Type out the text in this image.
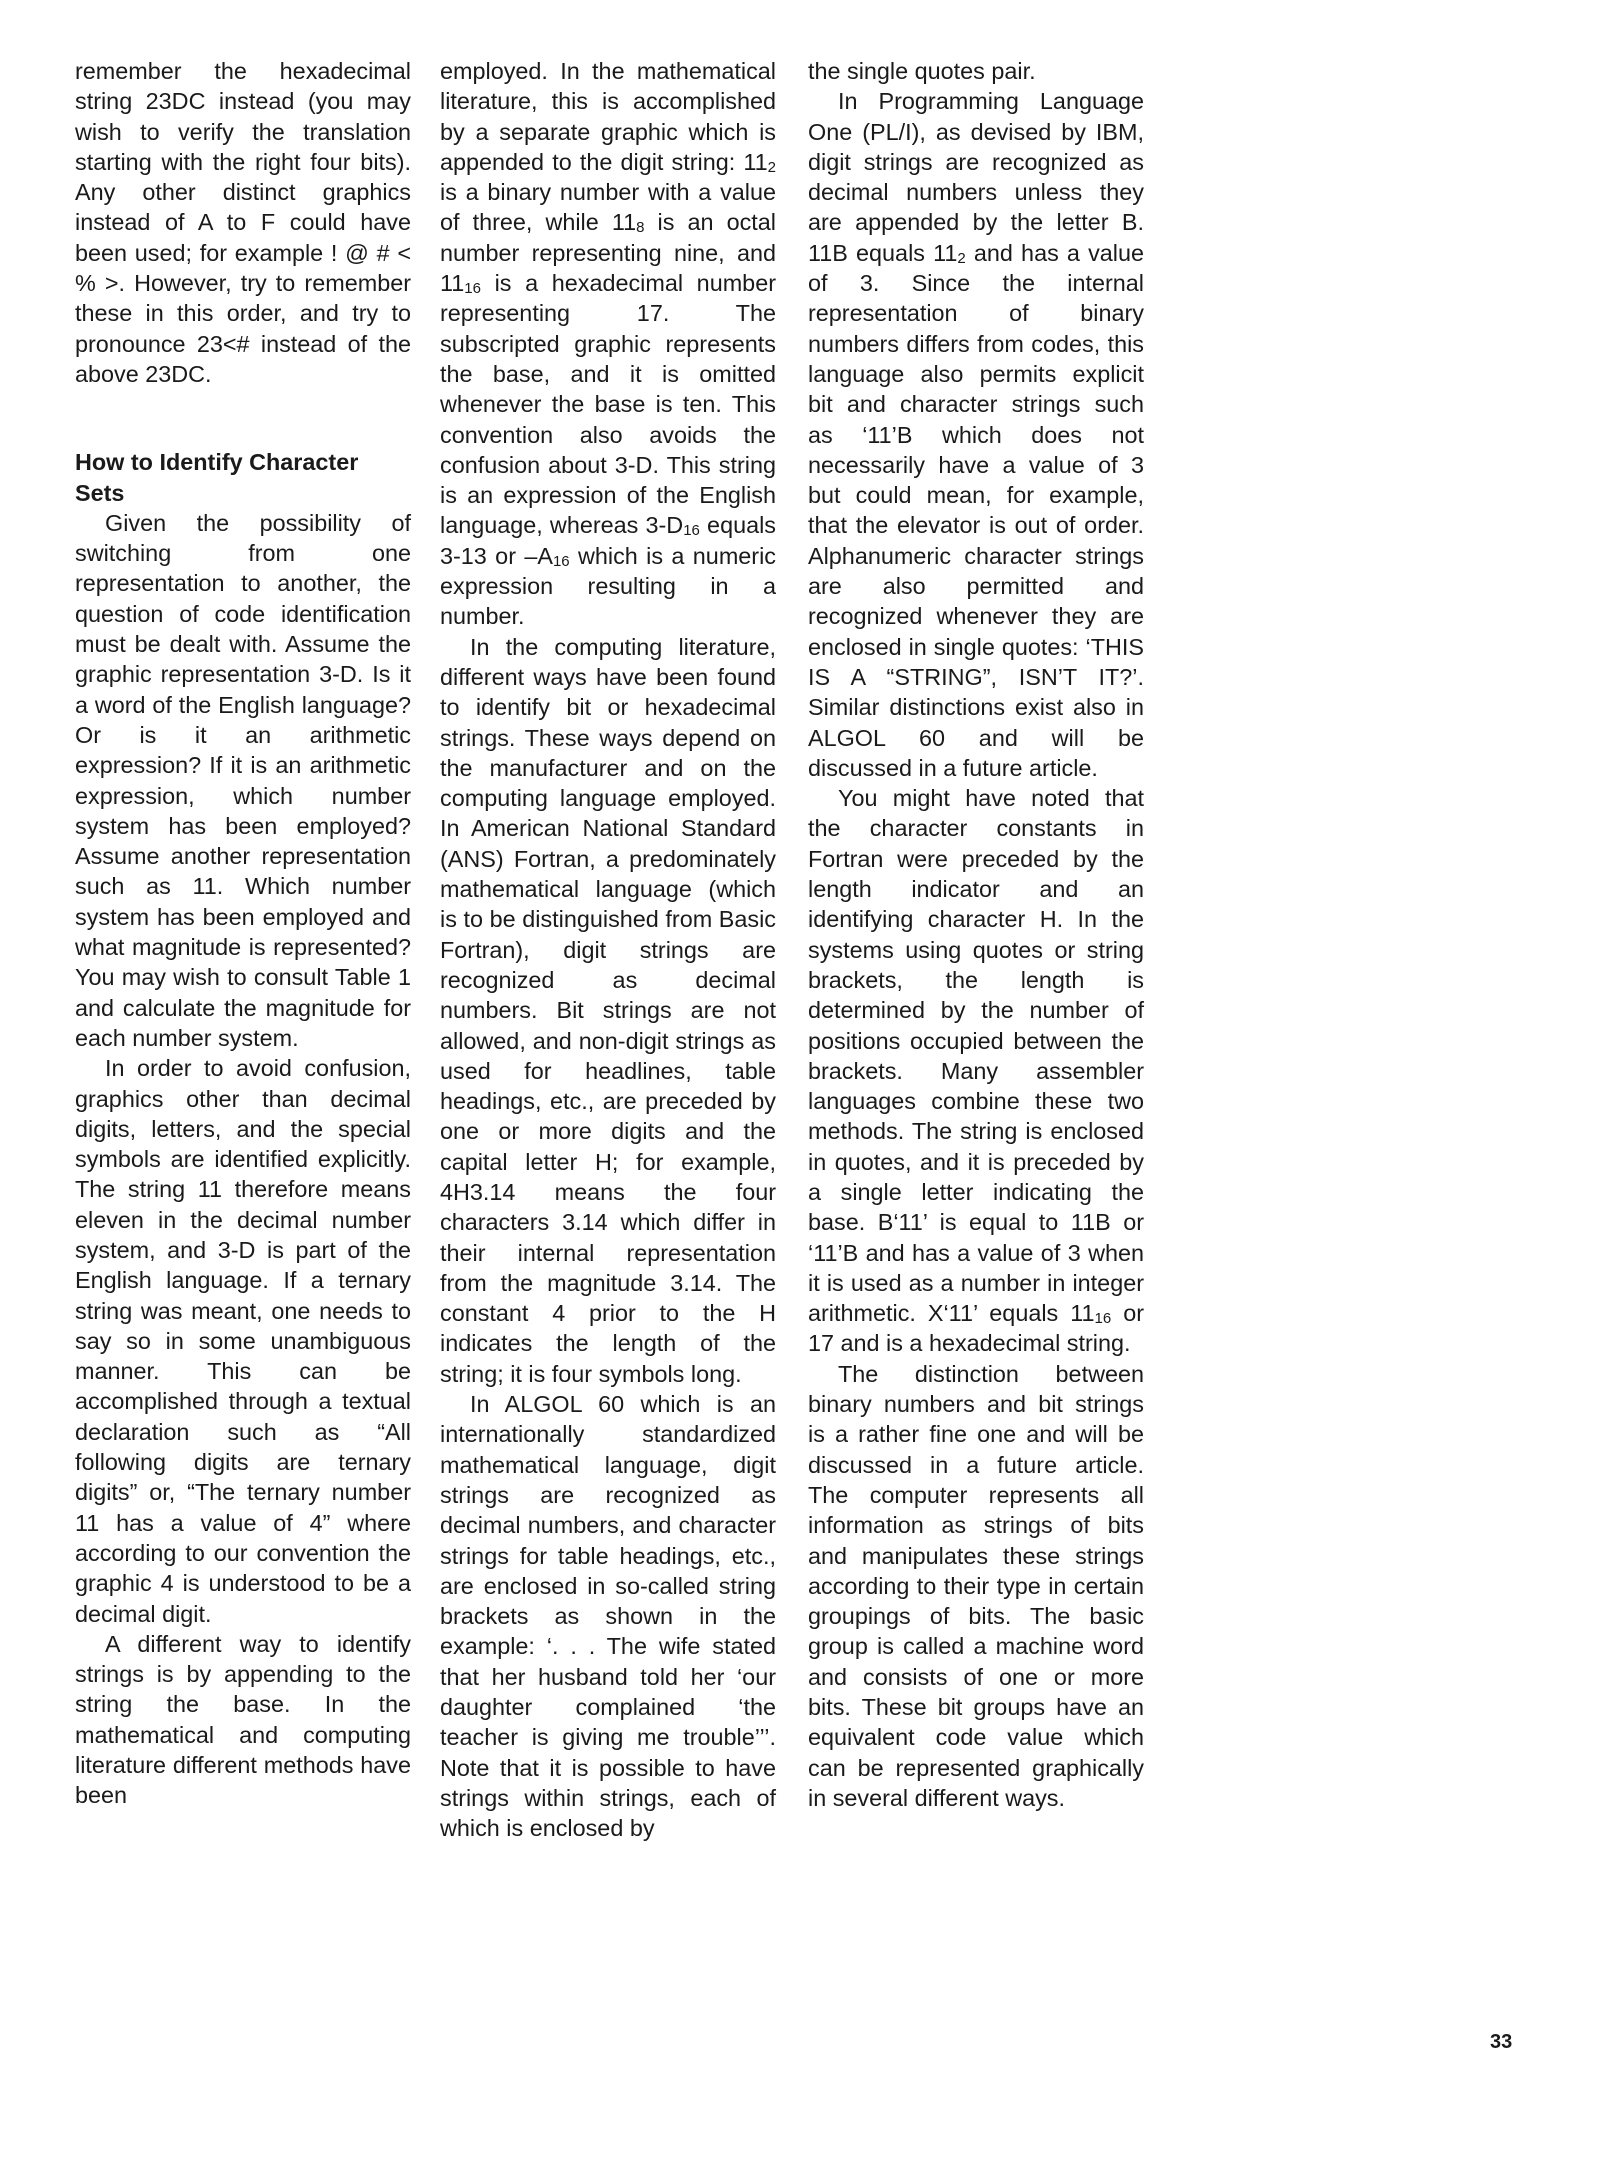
remember the hexadecimal string 23DC instead (you may wish to verify the translation starting with the right four bits). Any other distinct graphics instead of A to F could have been used; for example ! @ # < % >. However, try to remember these in this order, and try to pronounce 23<# instead of the above 23DC.

How to Identify Character Sets

Given the possibility of switching from one representation to another, the question of code identification must be dealt with. Assume the graphic representation 3-D. Is it a word of the English language? Or is it an arithmetic expression? If it is an arithmetic expression, which number system has been employed? Assume another representation such as 11. Which number system has been employed and what magnitude is represented? You may wish to consult Table 1 and calculate the magnitude for each number system.

In order to avoid confusion, graphics other than decimal digits, letters, and the special symbols are identified explicitly. The string 11 therefore means eleven in the decimal number system, and 3-D is part of the English language. If a ternary string was meant, one needs to say so in some unambiguous manner. This can be accomplished through a textual declaration such as “All following digits are ternary digits” or, “The ternary number 11 has a value of 4” where according to our convention the graphic 4 is understood to be a decimal digit.

A different way to identify strings is by appending to the string the base. In the mathematical and computing literature different methods have been

employed. In the mathematical literature, this is accomplished by a separate graphic which is appended to the digit string: $11_2$ is a binary number with a value of three, while $11_8$ is an octal number representing nine, and $11_{16}$ is a hexadecimal number representing 17. The subscripted graphic represents the base, and it is omitted whenever the base is ten. This convention also avoids the confusion about 3-D. This string is an expression of the English language, whereas $3-D_{16}$ equals 3-13 or $-A_{16}$ which is a numeric expression resulting in a number.

In the computing literature, different ways have been found to identify bit or hexadecimal strings. These ways depend on the manufacturer and on the computing language employed. In American National Standard (ANS) Fortran, a predominately mathematical language (which is to be distinguished from Basic Fortran), digit strings are recognized as decimal numbers. Bit strings are not allowed, and non-digit strings as used for headlines, table headings, etc., are preceded by one or more digits and the capital letter H; for example, 4H3.14 means the four characters 3.14 which differ in their internal representation from the magnitude 3.14. The constant 4 prior to the H indicates the length of the string; it is four symbols long.

In ALGOL 60 which is an internationally standardized mathematical language, digit strings are recognized as decimal numbers, and character strings for table headings, etc., are enclosed in so-called string brackets as shown in the example: ‘. . . The wife stated that her husband told her ‘our daughter complained ‘the teacher is giving me trouble’’’. Note that it is possible to have strings within strings, each of which is enclosed by

the single quotes pair.

In Programming Language One (PL/I), as devised by IBM, digit strings are recognized as decimal numbers unless they are appended by the letter B. 11B equals $11_2$ and has a value of 3. Since the internal representation of binary numbers differs from codes, this language also permits explicit bit and character strings such as ‘11’B which does not necessarily have a value of 3 but could mean, for example, that the elevator is out of order. Alphanumeric character strings are also permitted and recognized whenever they are enclosed in single quotes: ‘THIS IS A “STRING”, ISN’T IT?’. Similar distinctions exist also in ALGOL 60 and will be discussed in a future article.

You might have noted that the character constants in Fortran were preceded by the length indicator and an identifying character H. In the systems using quotes or string brackets, the length is determined by the number of positions occupied between the brackets. Many assembler languages combine these two methods. The string is enclosed in quotes, and it is preceded by a single letter indicating the base. B‘11’ is equal to 11B or ‘11’B and has a value of 3 when it is used as a number in integer arithmetic. X‘11’ equals $11_{16}$ or 17 and is a hexadecimal string.

The distinction between binary numbers and bit strings is a rather fine one and will be discussed in a future article. The computer represents all information as strings of bits and manipulates these strings according to their type in certain groupings of bits. The basic group is called a machine word and consists of one or more bits. These bit groups have an equivalent code value which can be represented graphically in several different ways.

33
